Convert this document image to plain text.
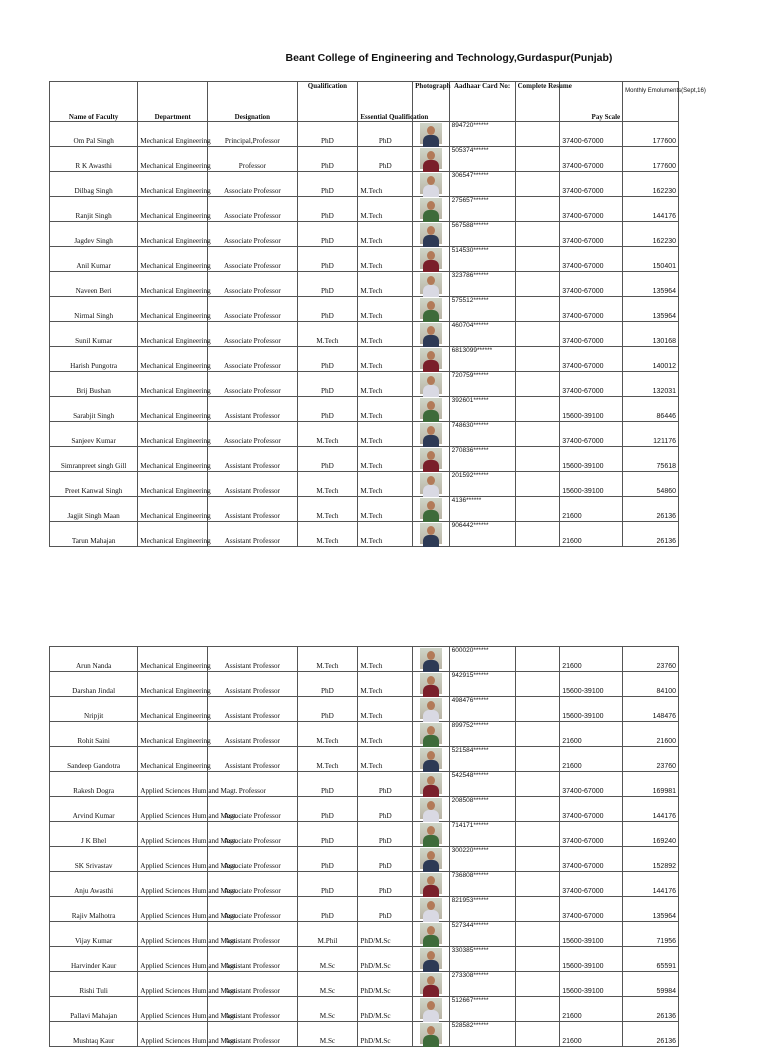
Beant College of Engineering and Technology,Gurdaspur(Punjab)
Name of Faculty	Department	Designation	Qualification	Essential Qualification	Photograph	Aadhaar Card No:	Complete Resume	Pay Scale	Monthly Emoluments(Sept,16)
Om Pal Singh	Mechanical Engineering	Principal,Professor	PhD	PhD		894720******		37400-67000	177600
R K Awasthi	Mechanical Engineering	Professor	PhD	PhD		505374******		37400-67000	177600
Dilbag Singh	Mechanical Engineering	Associate Professor	PhD	M.Tech		306547******		37400-67000	162230
Ranjit Singh	Mechanical Engineering	Associate Professor	PhD	M.Tech		275657******		37400-67000	144176
Jagdev Singh	Mechanical Engineering	Associate Professor	PhD	M.Tech		567588******		37400-67000	162230
Anil Kumar	Mechanical Engineering	Associate Professor	PhD	M.Tech		514530******		37400-67000	150401
Naveen Beri	Mechanical Engineering	Associate Professor	PhD	M.Tech		323786******		37400-67000	135964
Nirmal Singh	Mechanical Engineering	Associate Professor	PhD	M.Tech		575512******		37400-67000	135964
Sunil Kumar	Mechanical Engineering	Associate Professor	M.Tech	M.Tech		460704******		37400-67000	130168
Harish Pungotra	Mechanical Engineering	Associate Professor	PhD	M.Tech		6813099******		37400-67000	140012
Brij Bushan	Mechanical Engineering	Associate Professor	PhD	M.Tech		720759******		37400-67000	132031
Sarabjit Singh	Mechanical Engineering	Assistant Professor	PhD	M.Tech		392601******		15600-39100	86446
Sanjeev Kumar	Mechanical Engineering	Associate Professor	M.Tech	M.Tech		748630******		37400-67000	121176
Simranpreet singh Gill	Mechanical Engineering	Assistant Professor	PhD	M.Tech		270836******		15600-39100	75618
Preet Kanwal Singh	Mechanical Engineering	Assistant Professor	M.Tech	M.Tech		201592******		15600-39100	54860
Jagjit Singh Maan	Mechanical Engineering	Assistant Professor	M.Tech	M.Tech		4136******		21600	26136
Tarun Mahajan	Mechanical Engineering	Assistant Professor	M.Tech	M.Tech		906442******		21600	26136
Arun Nanda	Mechanical Engineering	Assistant Professor	M.Tech	M.Tech		600020******		21600	23760
Darshan Jindal	Mechanical Engineering	Assistant Professor	PhD	M.Tech		942915******		15600-39100	84100
Nripjit	Mechanical Engineering	Assistant Professor	PhD	M.Tech		498476******		15600-39100	148476
Rohit Saini	Mechanical Engineering	Assistant Professor	M.Tech	M.Tech		899752******		21600	21600
Sandeep Gandotra	Mechanical Engineering	Assistant Professor	M.Tech	M.Tech		521584******		21600	23760
Rakesh Dogra	Applied Sciences Hum and Magt.	Professor	PhD	PhD		542548******		37400-67000	169981
Arvind Kumar	Applied Sciences Hum and Magt.	Associate Professor	PhD	PhD		208508******		37400-67000	144176
J K Bhel	Applied Sciences Hum and Magt.	Associate Professor	PhD	PhD		714171******		37400-67000	169240
SK Srivastav	Applied Sciences Hum and Magt.	Associate Professor	PhD	PhD		300220******		37400-67000	152892
Anju Awasthi	Applied Sciences Hum and Magt.	Associate Professor	PhD	PhD		736808******		37400-67000	144176
Rajiv Malhotra	Applied Sciences Hum and Magt.	Associate Professor	PhD	PhD		821953******		37400-67000	135964
Vijay Kumar	Applied Sciences Hum and Magt.	Assistant Professor	M.Phil	PhD/M.Sc		527344******		15600-39100	71956
Harvinder Kaur	Applied Sciences Hum and Magt.	Assistant Professor	M.Sc	PhD/M.Sc		330385******		15600-39100	65591
Rishi Tuli	Applied Sciences Hum and Magt.	Assistant Professor	M.Sc	PhD/M.Sc		273308******		15600-39100	59984
Pallavi Mahajan	Applied Sciences Hum and Magt.	Assistant Professor	M.Sc	PhD/M.Sc		512667******		21600	26136
Mushtaq Kaur	Applied Sciences Hum and Magt.	Assistant Professor	M.Sc	PhD/M.Sc		528582******		21600	26136
